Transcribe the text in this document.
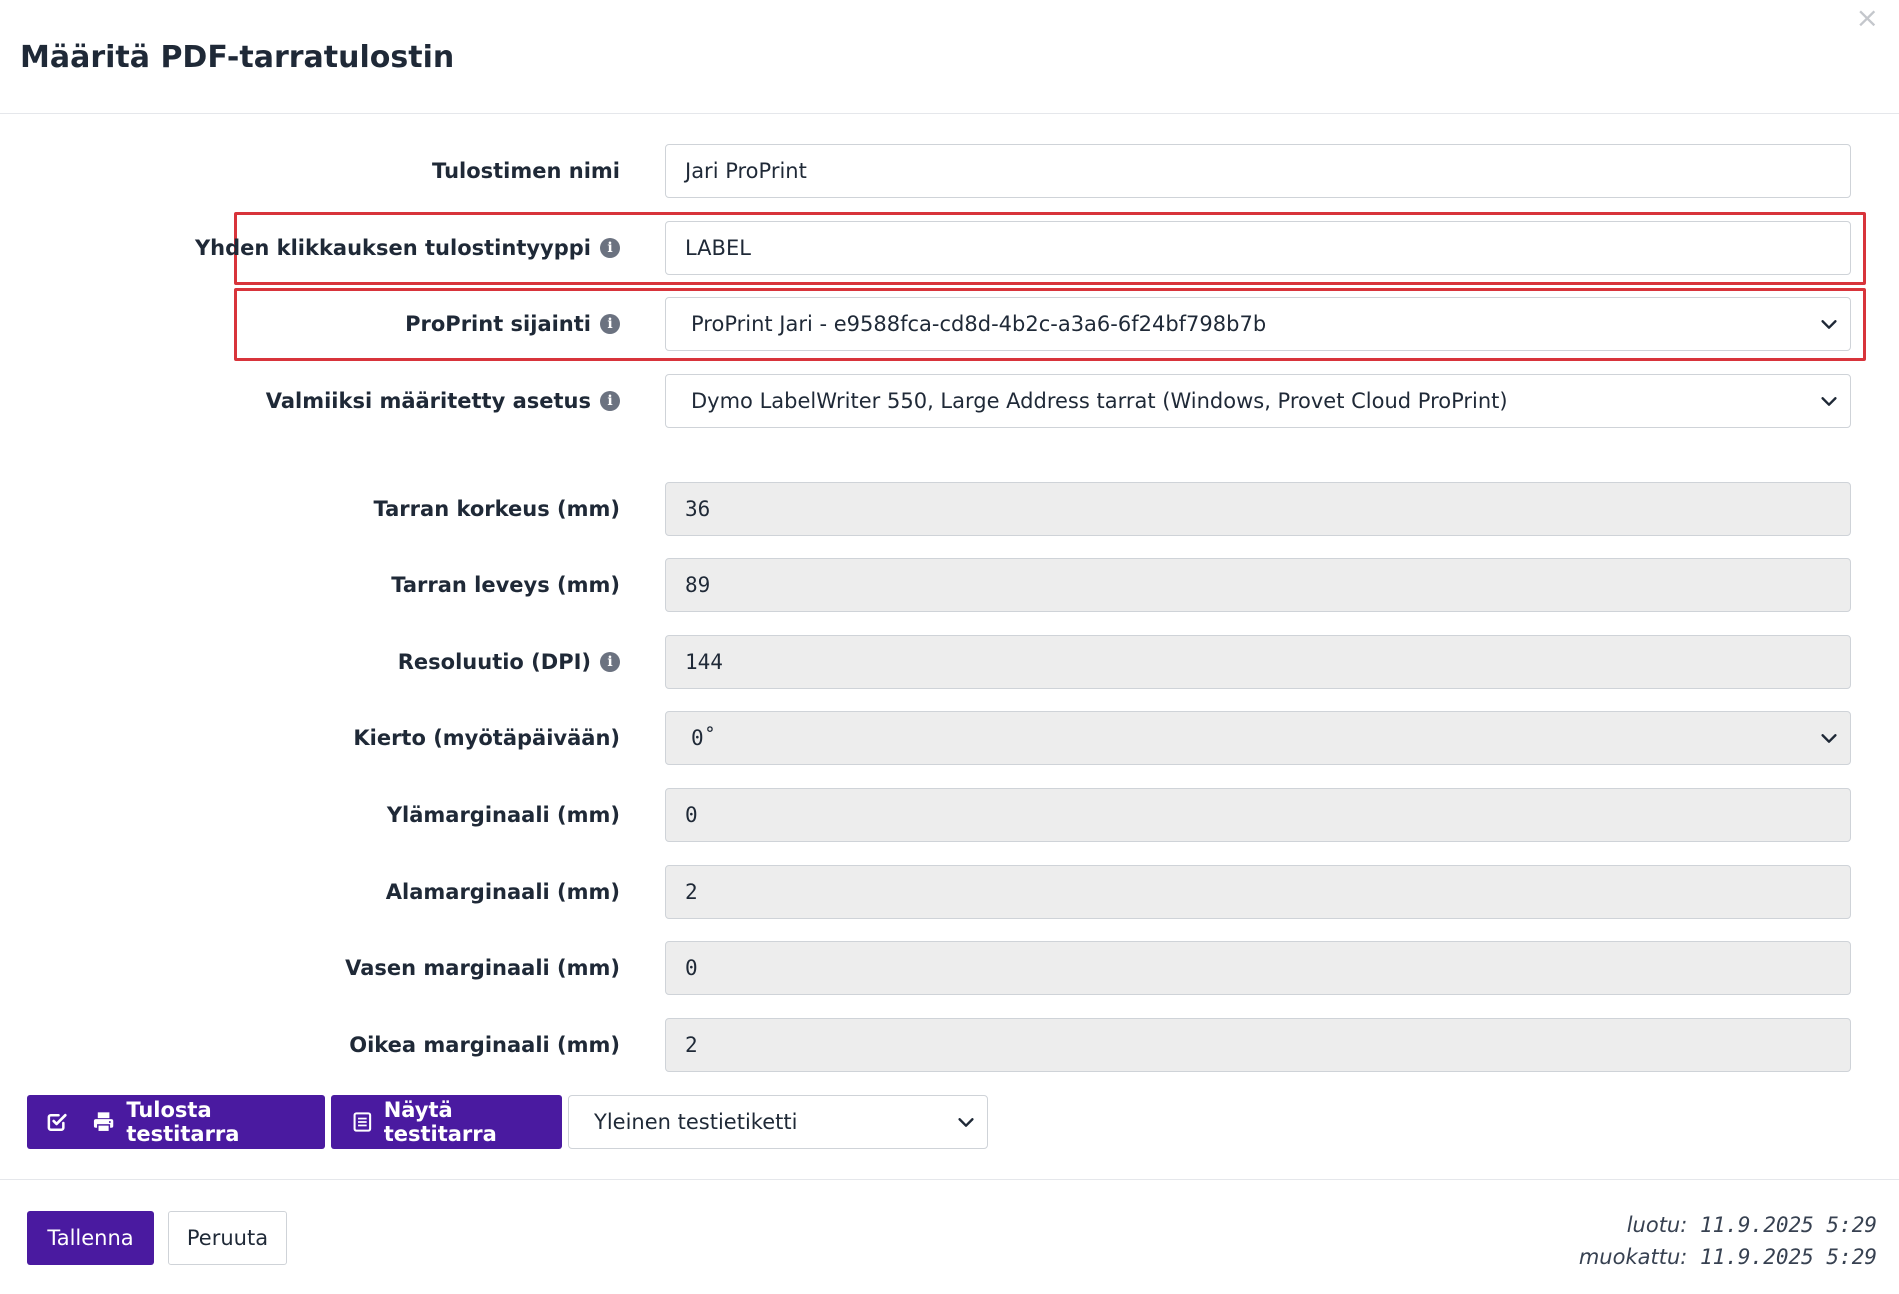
Määritä PDF-tarratulostin
×
Tulostimen nimi	Jari ProPrint
Yhden klikkauksen tulostintyyppi	i	LABEL
ProPrint sijainti	i	ProPrint Jari - e9588fca-cd8d-4b2c-a3a6-6f24bf798b7b
Valmiiksi määritetty asetus	i	Dymo LabelWriter 550, Large Address tarrat (Windows, Provet Cloud ProPrint)
Tarran korkeus (mm)	36
Tarran leveys (mm)	89
Resoluutio (DPI)	i	144
Kierto (myötäpäivään)	0˚
Ylämarginaali (mm)	0
Alamarginaali (mm)	2
Vasen marginaali (mm)	0
Oikea marginaali (mm)	2
Tulosta testitarra
Näytä testitarra	Yleinen testietiketti
Tallenna	Peruuta
luotu: 11.9.2025 5:29
muokattu: 11.9.2025 5:29
